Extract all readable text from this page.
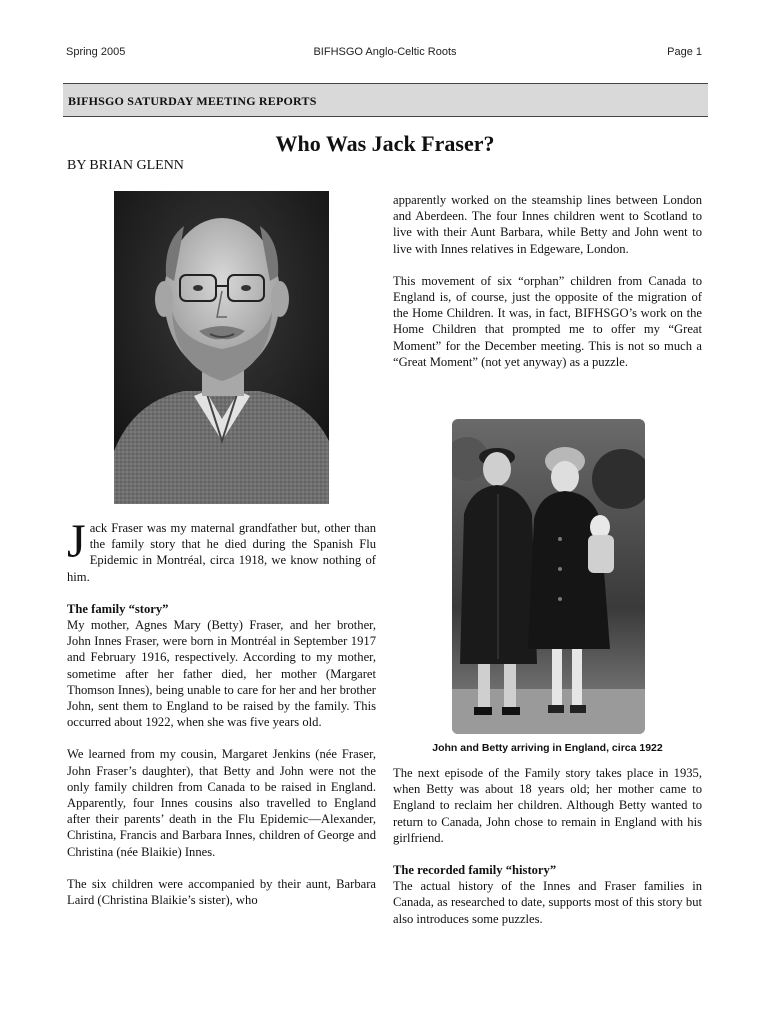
Spring 2005	BIFHSGO Anglo-Celtic Roots	Page 1
BIFHSGO SATURDAY MEETING REPORTS
Who Was Jack Fraser?
BY BRIAN GLENN

Jack Fraser was my maternal grandfather but, other than the family story that he died during the Spanish Flu Epidemic in Montréal, circa 1918, we know nothing of him.

The family “story”

My mother, Agnes Mary (Betty) Fraser, and her brother, John Innes Fraser, were born in Montréal in September 1917 and February 1916, respectively. According to my mother, sometime after her father died, her mother (Margaret Thomson Innes), being unable to care for her and her brother John, sent them to England to be raised by the family. This occurred about 1922, when she was five years old.

We learned from my cousin, Margaret Jenkins (née Fraser, John Fraser’s daughter), that Betty and John were not the only family children from Canada to be raised in England. Apparently, four Innes cousins also travelled to England after their parents’ death in the Flu Epidemic—Alexander, Christina, Francis and Barbara Innes, children of George and Christina (née Blaikie) Innes.

The six children were accompanied by their aunt, Barbara Laird (Christina Blaikie’s sister), who

apparently worked on the steamship lines between London and Aberdeen. The four Innes children went to Scotland to live with their Aunt Barbara, while Betty and John went to live with Innes relatives in Edgeware, London.

This movement of six “orphan” children from Canada to England is, of course, just the opposite of the migration of the Home Children. It was, in fact, BIFHSGO’s work on the Home Children that prompted me to offer my “Great Moment” for the December meeting. This is not so much a “Great Moment” (not yet anyway) as a puzzle.

John and Betty arriving in England, circa 1922

The next episode of the Family story takes place in 1935, when Betty was about 18 years old; her mother came to England to reclaim her children. Although Betty wanted to return to Canada, John chose to remain in England with his girlfriend.

The recorded family “history”

The actual history of the Innes and Fraser families in Canada, as researched to date, supports most of this story but also introduces some puzzles.
